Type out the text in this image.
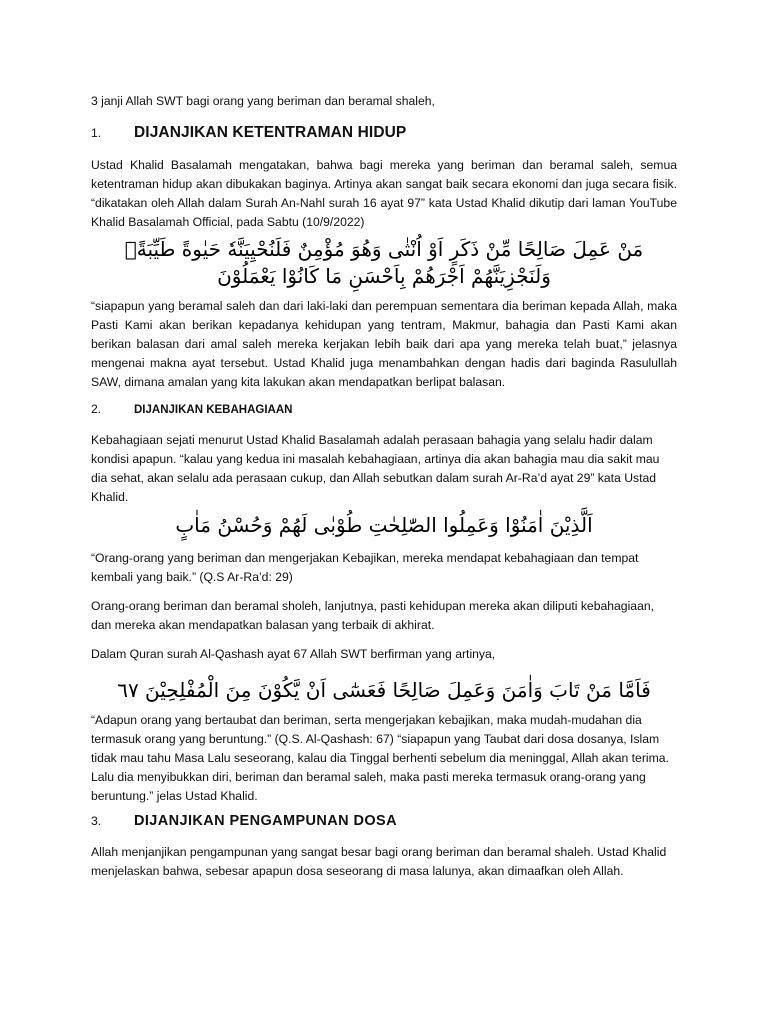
3 janji Allah SWT bagi orang yang beriman dan beramal shaleh,

1.	DIJANJIKAN KETENTRAMAN HIDUP

Ustad Khalid Basalamah mengatakan, bahwa bagi mereka yang beriman dan beramal saleh, semua ketentraman hidup akan dibukakan baginya. Artinya akan sangat baik secara ekonomi dan juga secara fisik. “dikatakan oleh Allah dalam Surah An-Nahl surah 16 ayat 97” kata Ustad Khalid dikutip dari laman YouTube Khalid Basalamah Official, pada Sabtu (10/9/2022)

مَنْ عَمِلَ صَالِحًا مِّنْ ذَكَرٍ اَوْ اُنْثٰى وَهُوَ مُؤْمِنٌ فَلَنُحْيِيَنَّهٗ حَيٰوةً طَيِّبَةًۚ وَلَنَجْزِيَنَّهُمْ اَجْرَهُمْ بِاَحْسَنِ مَا كَانُوْا يَعْمَلُوْنَ

“siapapun yang beramal saleh dan dari laki-laki dan perempuan sementara dia beriman kepada Allah, maka Pasti Kami akan berikan kepadanya kehidupan yang tentram, Makmur, bahagia dan Pasti Kami akan berikan balasan dari amal saleh mereka kerjakan lebih baik dari apa yang mereka telah buat,” jelasnya mengenai makna ayat tersebut. Ustad Khalid juga menambahkan dengan hadis dari baginda Rasulullah SAW, dimana amalan yang kita lakukan akan mendapatkan berlipat balasan.

2.	DIJANJIKAN KEBAHAGIAAN

Kebahagiaan sejati menurut Ustad Khalid Basalamah adalah perasaan bahagia yang selalu hadir dalam kondisi apapun. “kalau yang kedua ini masalah kebahagiaan, artinya dia akan bahagia mau dia sakit mau dia sehat, akan selalu ada perasaan cukup, dan Allah sebutkan dalam surah Ar-Ra’d ayat 29” kata Ustad Khalid.

اَلَّذِيْنَ اٰمَنُوْا وَعَمِلُوا الصّٰلِحٰتِ طُوْبٰى لَهُمْ وَحُسْنُ مَاٰبٍ

“Orang-orang yang beriman dan mengerjakan Kebajikan, mereka mendapat kebahagiaan dan tempat kembali yang baik.” (Q.S Ar-Ra’d: 29)

Orang-orang beriman dan beramal sholeh, lanjutnya, pasti kehidupan mereka akan diliputi kebahagiaan, dan mereka akan mendapatkan balasan yang terbaik di akhirat.

Dalam Quran surah Al-Qashash ayat 67 Allah SWT berfirman yang artinya,

فَاَمَّا مَنْ تَابَ وَاٰمَنَ وَعَمِلَ صَالِحًا فَعَسٰٓى اَنْ يَّكُوْنَ مِنَ الْمُفْلِحِيْنَ ٦٧

“Adapun orang yang bertaubat dan beriman, serta mengerjakan kebajikan, maka mudah-mudahan dia termasuk orang yang beruntung.” (Q.S. Al-Qashash: 67) “siapapun yang Taubat dari dosa dosanya, Islam tidak mau tahu Masa Lalu seseorang, kalau dia Tinggal berhenti sebelum dia meninggal, Allah akan terima. Lalu dia menyibukkan diri, beriman dan beramal saleh, maka pasti mereka termasuk orang-orang yang beruntung.” jelas Ustad Khalid.

3.	DIJANJIKAN PENGAMPUNAN DOSA

Allah menjanjikan pengampunan yang sangat besar bagi orang beriman dan beramal shaleh. Ustad Khalid menjelaskan bahwa, sebesar apapun dosa seseorang di masa lalunya, akan dimaafkan oleh Allah.
